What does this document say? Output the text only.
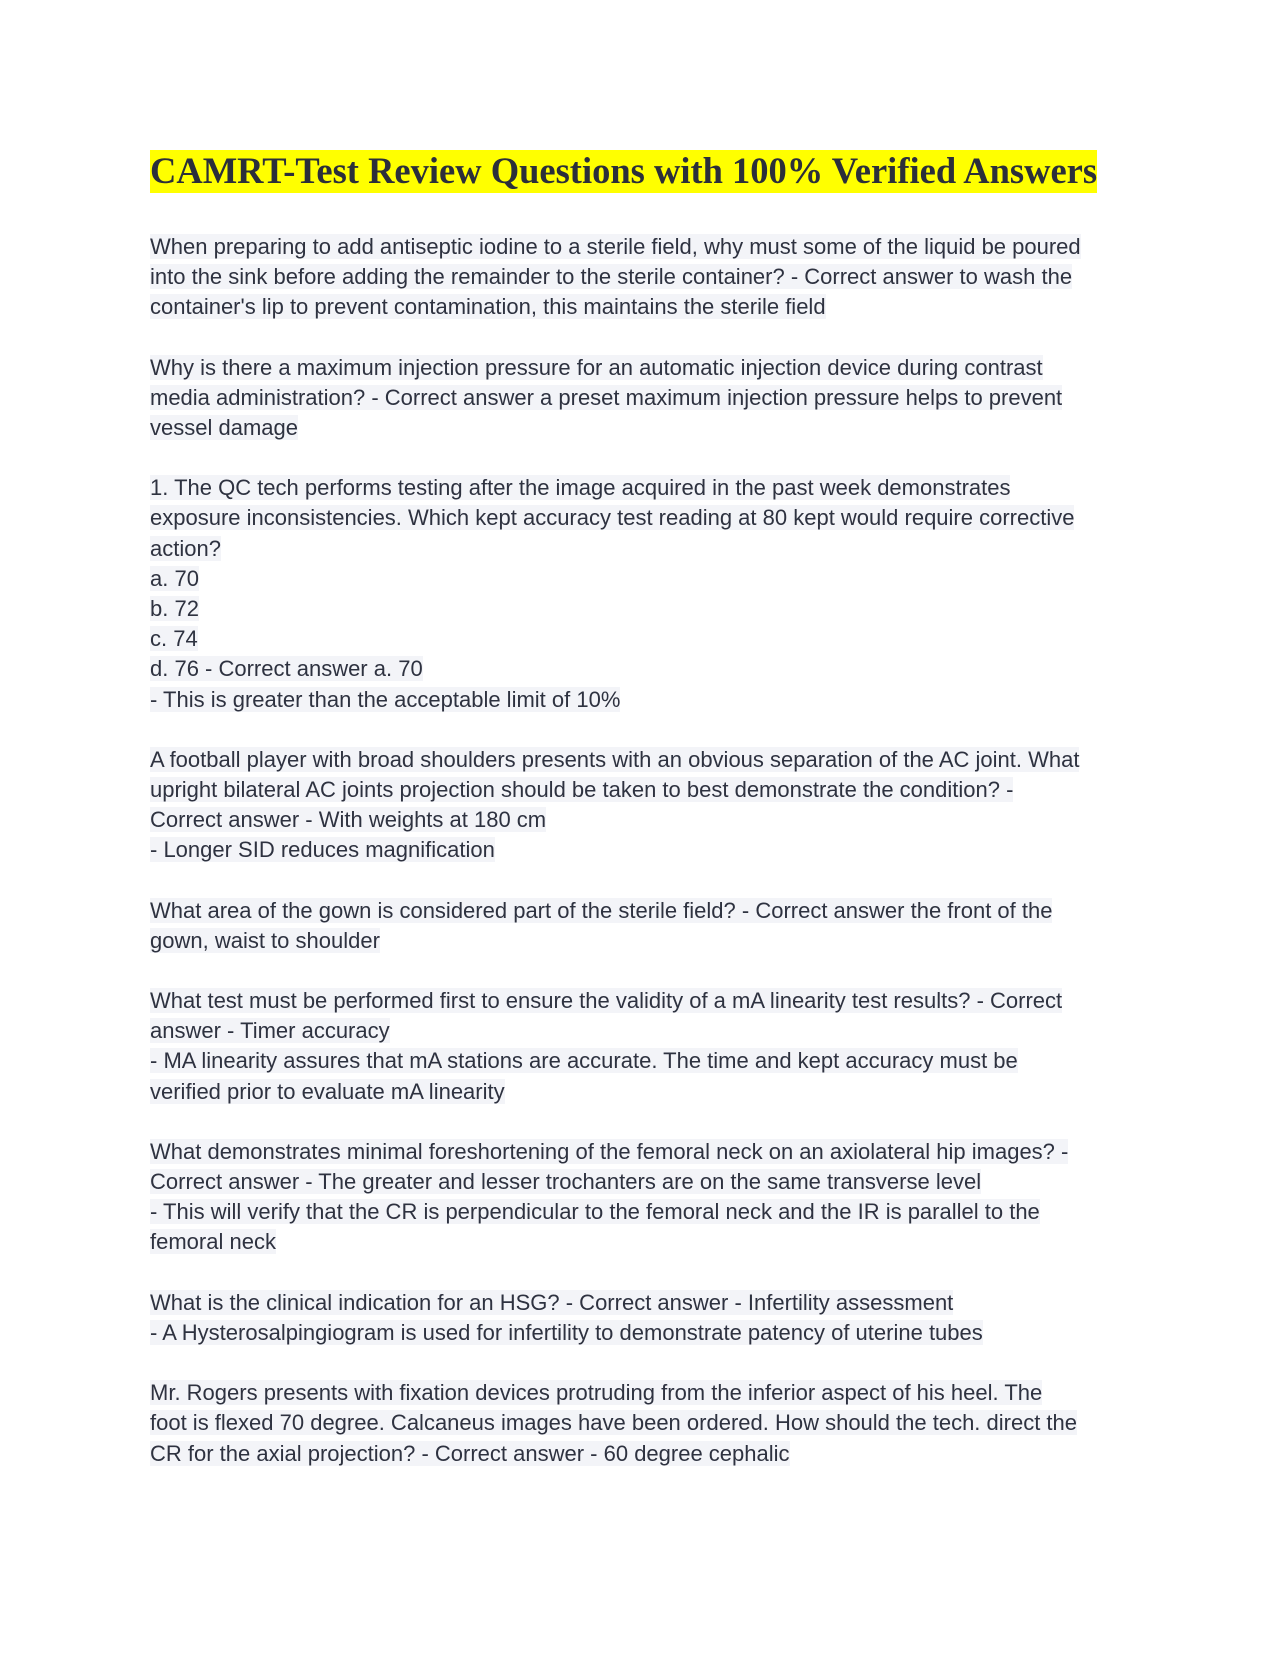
CAMRT-Test Review Questions with 100% Verified Answers
When preparing to add antiseptic iodine to a sterile field, why must some of the liquid be poured
into the sink before adding the remainder to the sterile container? - Correct answer to wash the
container's lip to prevent contamination, this maintains the sterile field
Why is there a maximum injection pressure for an automatic injection device during contrast
media administration? - Correct answer a preset maximum injection pressure helps to prevent
vessel damage
1. The QC tech performs testing after the image acquired in the past week demonstrates
exposure inconsistencies. Which kept accuracy test reading at 80 kept would require corrective
action?
a. 70
b. 72
c. 74
d. 76 - Correct answer a. 70
- This is greater than the acceptable limit of 10%
A football player with broad shoulders presents with an obvious separation of the AC joint. What
upright bilateral AC joints projection should be taken to best demonstrate the condition? -
Correct answer - With weights at 180 cm
- Longer SID reduces magnification
What area of the gown is considered part of the sterile field? - Correct answer the front of the
gown, waist to shoulder
What test must be performed first to ensure the validity of a mA linearity test results? - Correct
answer - Timer accuracy
- MA linearity assures that mA stations are accurate. The time and kept accuracy must be
verified prior to evaluate mA linearity
What demonstrates minimal foreshortening of the femoral neck on an axiolateral hip images? -
Correct answer - The greater and lesser trochanters are on the same transverse level
- This will verify that the CR is perpendicular to the femoral neck and the IR is parallel to the
femoral neck
What is the clinical indication for an HSG? - Correct answer - Infertility assessment
- A Hysterosalpingiogram is used for infertility to demonstrate patency of uterine tubes
Mr. Rogers presents with fixation devices protruding from the inferior aspect of his heel. The
foot is flexed 70 degree. Calcaneus images have been ordered. How should the tech. direct the
CR for the axial projection? - Correct answer - 60 degree cephalic
